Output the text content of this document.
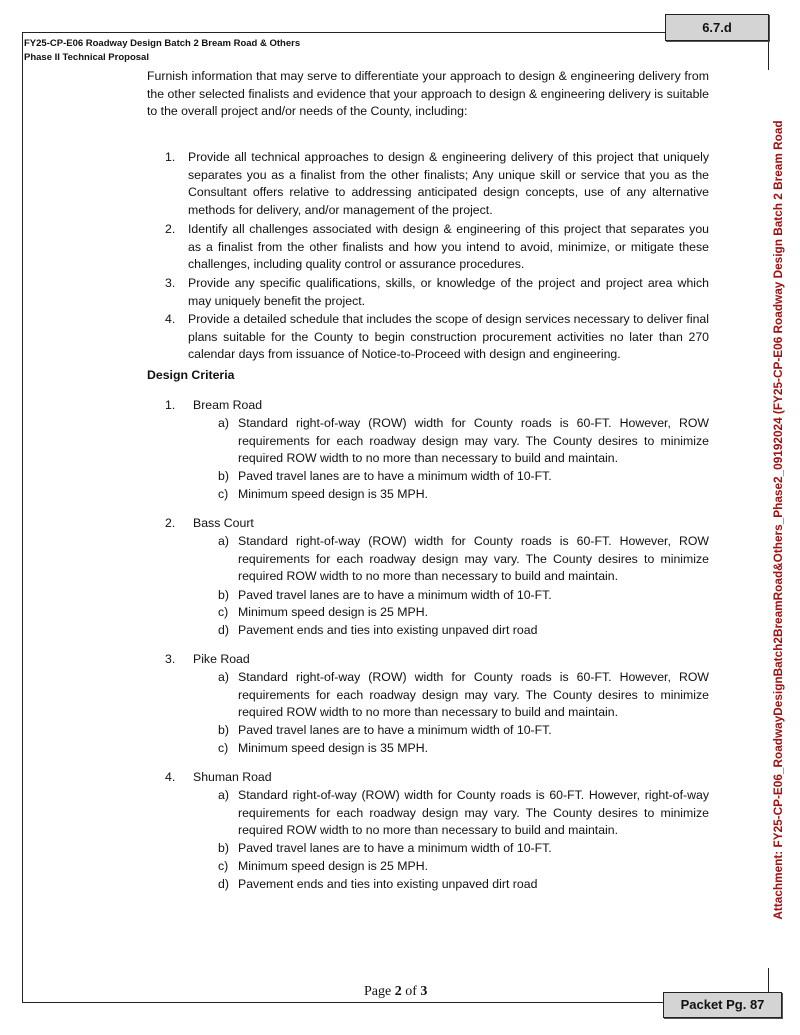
6.7.d
FY25-CP-E06 Roadway Design Batch 2 Bream Road & Others
Phase II Technical Proposal
Furnish information that may serve to differentiate your approach to design & engineering delivery from the other selected finalists and evidence that your approach to design & engineering delivery is suitable to the overall project and/or needs of the County, including:
1. Provide all technical approaches to design & engineering delivery of this project that uniquely separates you as a finalist from the other finalists; Any unique skill or service that you as the Consultant offers relative to addressing anticipated design concepts, use of any alternative methods for delivery, and/or management of the project.
2. Identify all challenges associated with design & engineering of this project that separates you as a finalist from the other finalists and how you intend to avoid, minimize, or mitigate these challenges, including quality control or assurance procedures.
3. Provide any specific qualifications, skills, or knowledge of the project and project area which may uniquely benefit the project.
4. Provide a detailed schedule that includes the scope of design services necessary to deliver final plans suitable for the County to begin construction procurement activities no later than 270 calendar days from issuance of Notice-to-Proceed with design and engineering.
Design Criteria
1. Bream Road
a) Standard right-of-way (ROW) width for County roads is 60-FT. However, ROW requirements for each roadway design may vary. The County desires to minimize required ROW width to no more than necessary to build and maintain.
b) Paved travel lanes are to have a minimum width of 10-FT.
c) Minimum speed design is 35 MPH.
2. Bass Court
a) Standard right-of-way (ROW) width for County roads is 60-FT. However, ROW requirements for each roadway design may vary. The County desires to minimize required ROW width to no more than necessary to build and maintain.
b) Paved travel lanes are to have a minimum width of 10-FT.
c) Minimum speed design is 25 MPH.
d) Pavement ends and ties into existing unpaved dirt road
3. Pike Road
a) Standard right-of-way (ROW) width for County roads is 60-FT. However, ROW requirements for each roadway design may vary. The County desires to minimize required ROW width to no more than necessary to build and maintain.
b) Paved travel lanes are to have a minimum width of 10-FT.
c) Minimum speed design is 35 MPH.
4. Shuman Road
a) Standard right-of-way (ROW) width for County roads is 60-FT. However, right-of-way requirements for each roadway design may vary. The County desires to minimize required ROW width to no more than necessary to build and maintain.
b) Paved travel lanes are to have a minimum width of 10-FT.
c) Minimum speed design is 25 MPH.
d) Pavement ends and ties into existing unpaved dirt road
Page 2 of 3
Packet Pg. 87
Attachment: FY25-CP-E06_RoadwayDesignBatch2BreamRoad&Others_Phase2_09192024 (FY25-CP-E06 Roadway Design Batch 2 Bream Road
